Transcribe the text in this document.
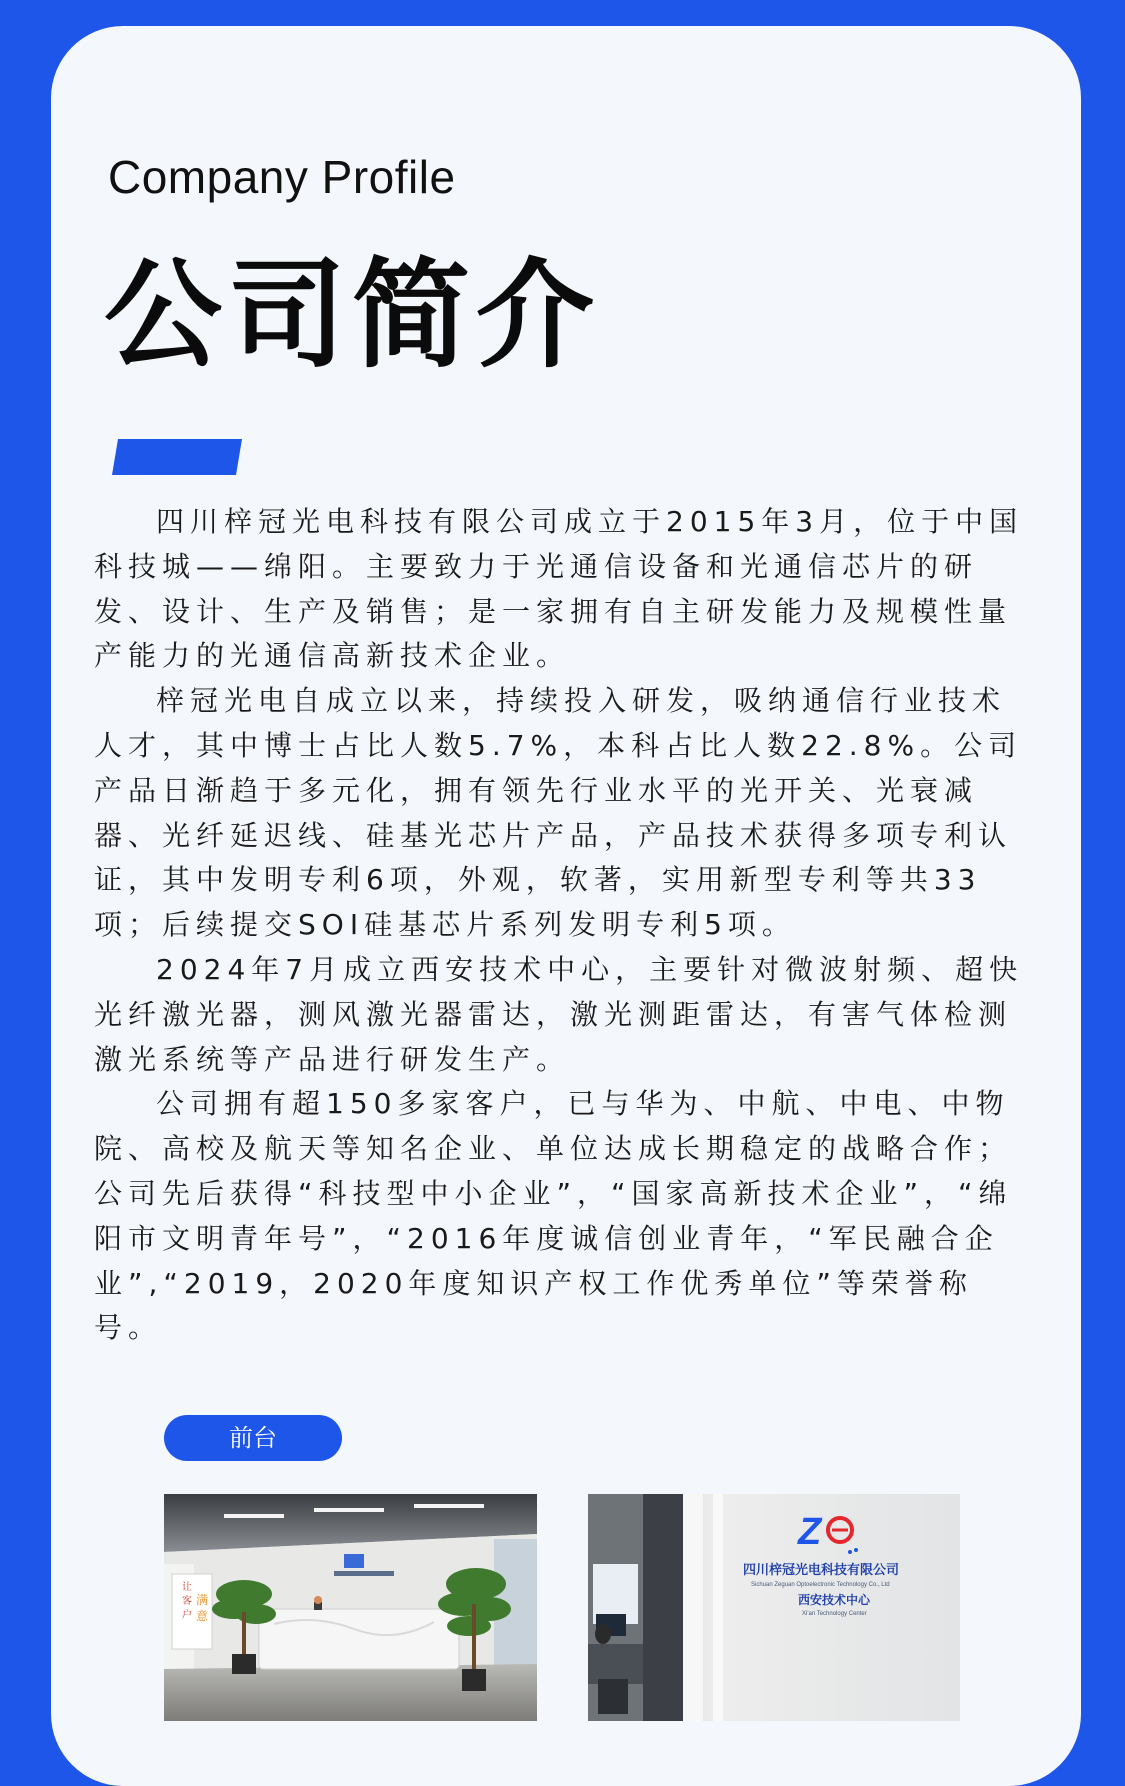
Company Profile
公司简介

四川梓冠光电科技有限公司成立于2015年3月，位于中国科技城——绵阳。主要致力于光通信设备和光通信芯片的研发、设计、生产及销售；是一家拥有自主研发能力及规模性量产能力的光通信高新技术企业。

梓冠光电自成立以来，持续投入研发，吸纳通信行业技术人才，其中博士占比人数5.7%，本科占比人数22.8%。公司产品日渐趋于多元化，拥有领先行业水平的光开关、光衰减器、光纤延迟线、硅基光芯片产品，产品技术获得多项专利认证，其中发明专利6项，外观，软著，实用新型专利等共33项；后续提交SOI硅基芯片系列发明专利5项。

2024年7月成立西安技术中心，主要针对微波射频、超快光纤激光器，测风激光器雷达，激光测距雷达，有害气体检测激光系统等产品进行研发生产。

公司拥有超150多家客户，已与华为、中航、中电、中物院、高校及航天等知名企业、单位达成长期稳定的战略合作；公司先后获得“科技型中小企业”，“国家高新技术企业”，“绵阳市文明青年号”，“2016年度诚信创业青年，“军民融合企业”,“2019，2020年度知识产权工作优秀单位”等荣誉称号。

前台
让
客
户
满
意
Z
四川梓冠光电科技有限公司
Sichuan Zeguan Optoelectronic Technology Co., Ltd
西安技术中心
Xi'an Technology Center
